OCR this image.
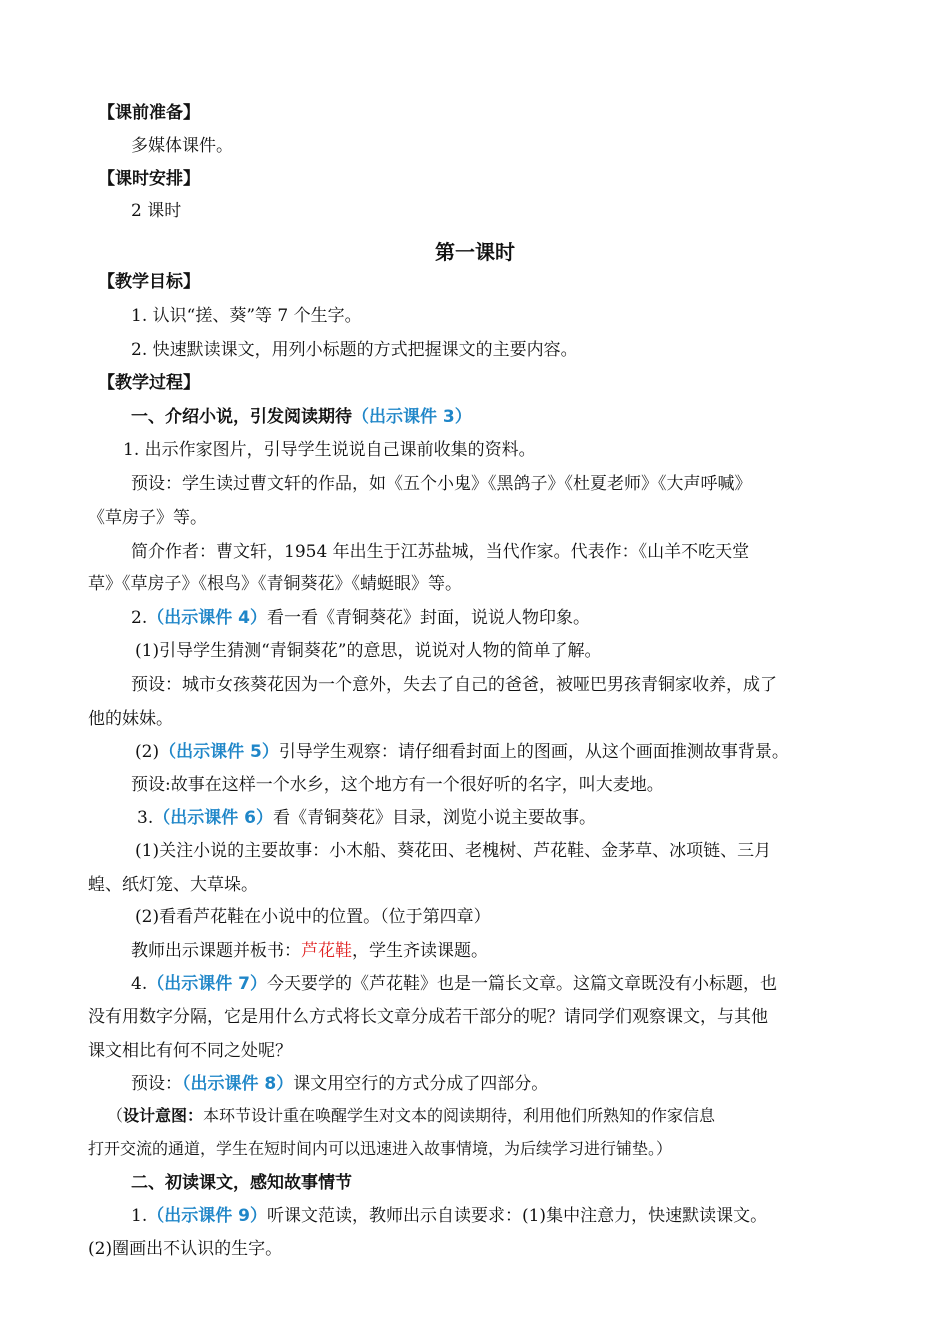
【课前准备】
多媒体课件。
【课时安排】
2 课时
第一课时
【教学目标】
1. 认识“搓、葵”等 7 个生字。
2. 快速默读课文，用列小标题的方式把握课文的主要内容。
【教学过程】
一、介绍小说，引发阅读期待（出示课件 3）
1. 出示作家图片，引导学生说说自己课前收集的资料。
预设：学生读过曹文轩的作品，如《五个小鬼》《黑鸽子》《杜夏老师》《大声呼喊》
《草房子》等。
简介作者：曹文轩，1954 年出生于江苏盐城，当代作家。代表作：《山羊不吃天堂
草》《草房子》《根鸟》《青铜葵花》《蜻蜓眼》等。
2.（出示课件 4）看一看《青铜葵花》封面，说说人物印象。
(1)引导学生猜测“青铜葵花”的意思，说说对人物的简单了解。
预设：城市女孩葵花因为一个意外，失去了自己的爸爸，被哑巴男孩青铜家收养，成了
他的妹妹。
(2)（出示课件 5）引导学生观察：请仔细看封面上的图画，从这个画面推测故事背景。
预设:故事在这样一个水乡，这个地方有一个很好听的名字，叫大麦地。
3.（出示课件 6）看《青铜葵花》目录，浏览小说主要故事。
(1)关注小说的主要故事：小木船、葵花田、老槐树、芦花鞋、金茅草、冰项链、三月
蝗、纸灯笼、大草垛。
(2)看看芦花鞋在小说中的位置。（位于第四章）
教师出示课题并板书：芦花鞋，学生齐读课题。
4.（出示课件 7）今天要学的《芦花鞋》也是一篇长文章。这篇文章既没有小标题，也
没有用数字分隔，它是用什么方式将长文章分成若干部分的呢？请同学们观察课文，与其他
课文相比有何不同之处呢？
预设：（出示课件 8）课文用空行的方式分成了四部分。
（设计意图：本环节设计重在唤醒学生对文本的阅读期待，利用他们所熟知的作家信息
打开交流的通道，学生在短时间内可以迅速进入故事情境，为后续学习进行铺垫。）
二、初读课文，感知故事情节
1.（出示课件 9）听课文范读，教师出示自读要求：(1)集中注意力，快速默读课文。
(2)圈画出不认识的生字。
